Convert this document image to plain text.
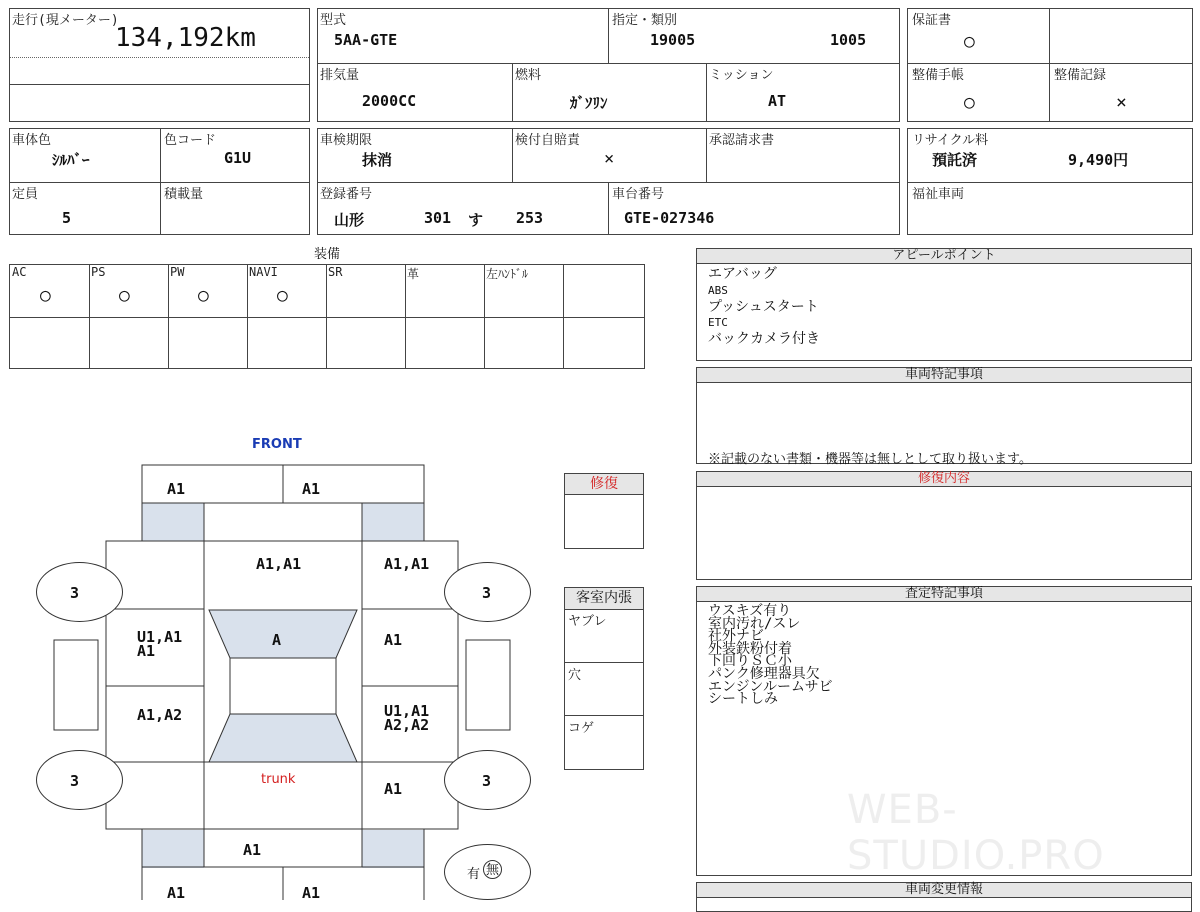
走行(現メーター)
134,192km
型式
5AA-GTE
指定・類別
19005	1005
排気量
2000CC
燃料
ｶﾞｿﾘﾝ
ミッション
AT
保証書
○
整備手帳
○
整備記録
×
車体色
ｼﾙﾊﾞｰ
色コード
G1U
定員
5
積載量
車検期限
抹消
検付自賠責
×
承認請求書
登録番号
山形	301 す 253
車台番号
GTE-027346
リサイクル料
預託済	9,490円
福祉車両
装備
AC
○
PS
○
PW
○
NAVI
○
SR	革	左ﾊﾝﾄﾞﾙ
アピールポイント
エアバッグ
ABS
プッシュスタート
ETC
バックカメラ付き
車両特記事項
※記載のない書類・機器等は無しとして取り扱います。
修復内容
査定特記事項
ウスキズ有り
室内汚れ/スレ
社外ナビ
外装鉄粉付着
下回りＳＣ小
パンク修理器具欠
エンジンルームサビ
シートしみ
WEB-STUDIO.PRO
車両変更情報
修復
客室内張
ヤブレ
穴
コゲ
FRONT
3	3
3	3
有 無
A1	A1
A1,A1	A1,A1
U1,A1
A1
A	A1
A1,A2	U1,A1
A2,A2
trunk
A1
A1
A1	A1
